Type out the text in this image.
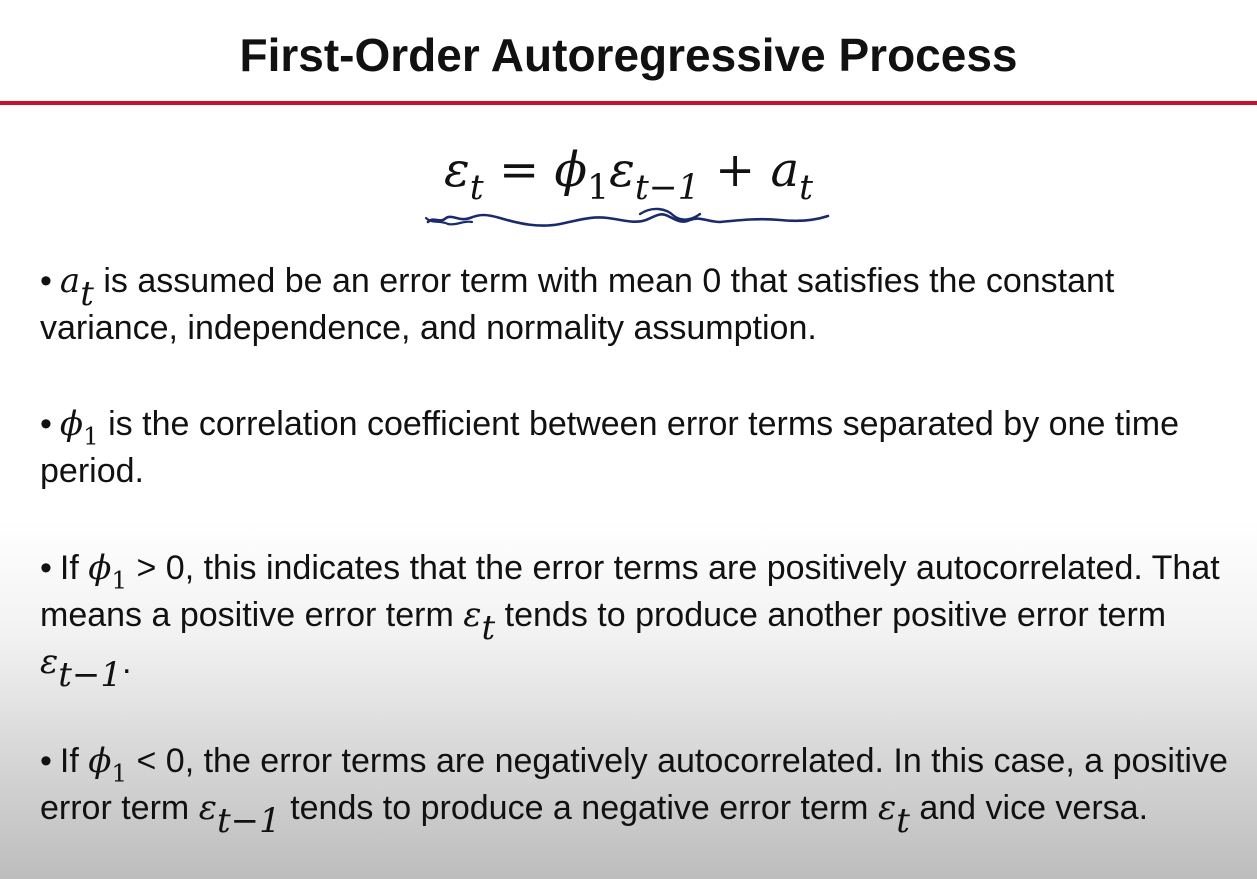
First-Order Autoregressive Process
$\varepsilon_t = \phi_1\varepsilon_{t-1} + a_t$
• at is assumed be an error term with mean 0 that satisfies the constant variance, independence, and normality assumption.
• $\phi_1$ is the correlation coefficient between error terms separated by one time period.
• If $\phi_1 > 0$, this indicates that the error terms are positively autocorrelated. That means a positive error term εt tends to produce another positive error term εt−1.
• If $\phi_1 < 0$, the error terms are negatively autocorrelated. In this case, a positive error term εt−1 tends to produce a negative error term εt and vice versa.
